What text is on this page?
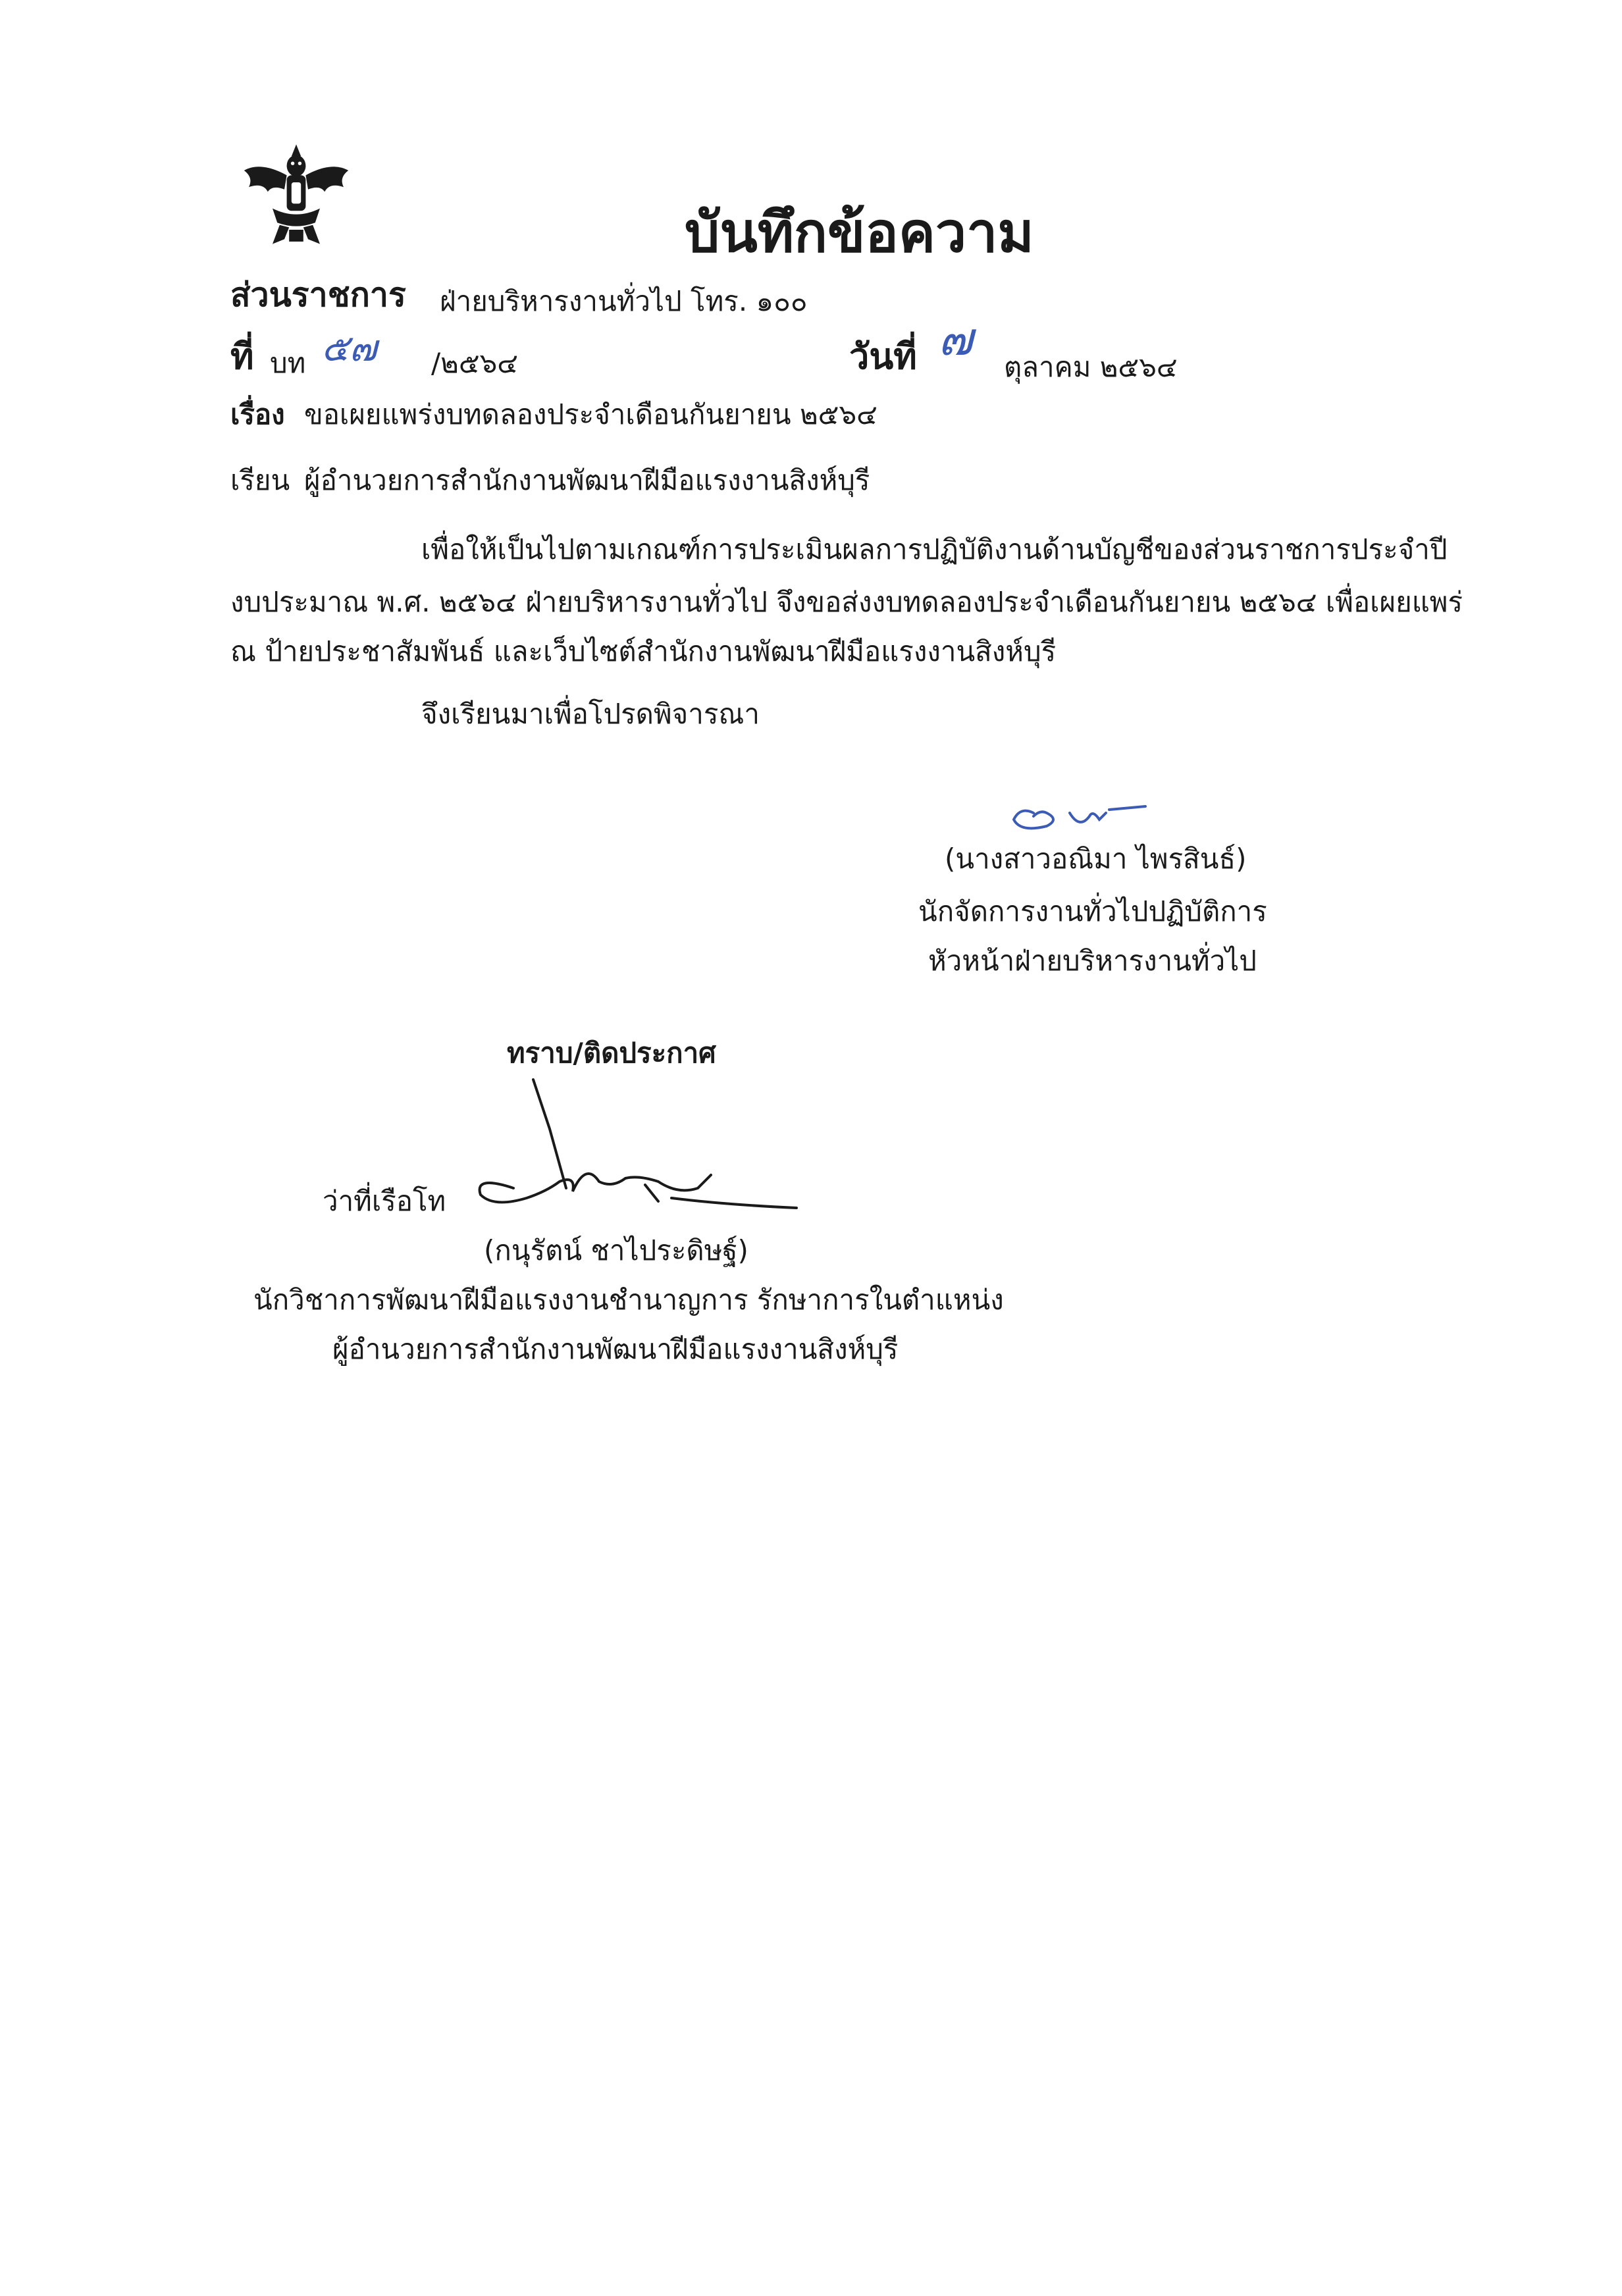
บันทึกข้อความ
ส่วนราชการ ฝ่ายบริหารงานทั่วไป โทร. ๑๐๐
ที่ บท ๕๗ /๒๕๖๔	วันที่ ๗
ตุลาคม ๒๕๖๔
เรื่อง ขอเผยแพร่งบทดลองประจำเดือนกันยายน ๒๕๖๔
เรียน ผู้อำนวยการสำนักงานพัฒนาฝีมือแรงงานสิงห์บุรี
เพื่อให้เป็นไปตามเกณฑ์การประเมินผลการปฏิบัติงานด้านบัญชีของส่วนราชการประจำปี
งบประมาณ พ.ศ. ๒๕๖๔ ฝ่ายบริหารงานทั่วไป จึงขอส่งงบทดลองประจำเดือนกันยายน ๒๕๖๔ เพื่อเผยแพร่
ณ ป้ายประชาสัมพันธ์ และเว็บไซต์สำนักงานพัฒนาฝีมือแรงงานสิงห์บุรี
จึงเรียนมาเพื่อโปรดพิจารณา
(นางสาวอณิมา ไพรสินธ์)
นักจัดการงานทั่วไปปฏิบัติการ
หัวหน้าฝ่ายบริหารงานทั่วไป
ทราบ/ติดประกาศ
ว่าที่เรือโท
(กนุรัตน์ ชาไประดิษฐ์)
นักวิชาการพัฒนาฝีมือแรงงานชำนาญการ รักษาการในตำแหน่ง
ผู้อำนวยการสำนักงานพัฒนาฝีมือแรงงานสิงห์บุรี
